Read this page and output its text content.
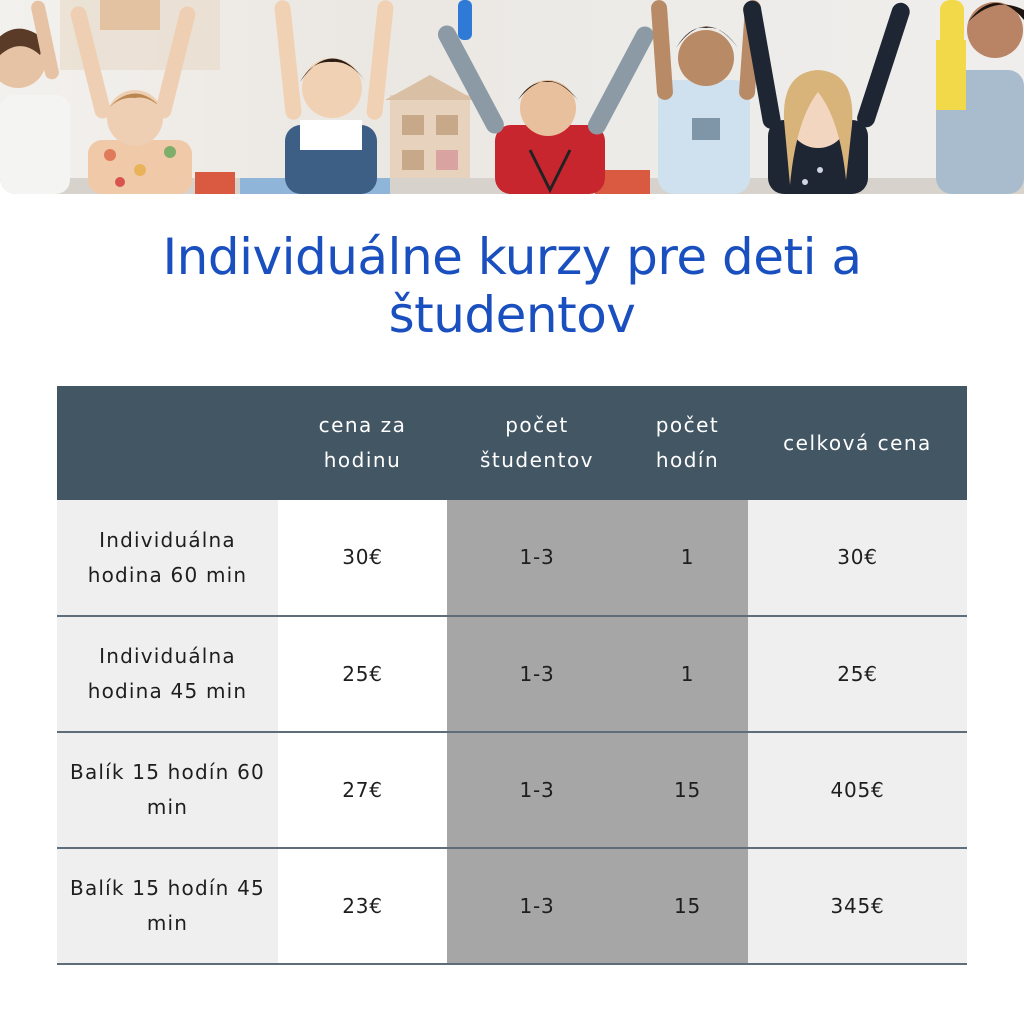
Individuálne kurzy pre deti a študentov
	cena za hodinu	počet študentov	počet hodín	celková cena
Individuálna hodina 60 min	30€	1-3	1	30€
Individuálna hodina 45 min	25€	1-3	1	25€
Balík 15 hodín 60 min	27€	1-3	15	405€
Balík 15 hodín 45 min	23€	1-3	15	345€
